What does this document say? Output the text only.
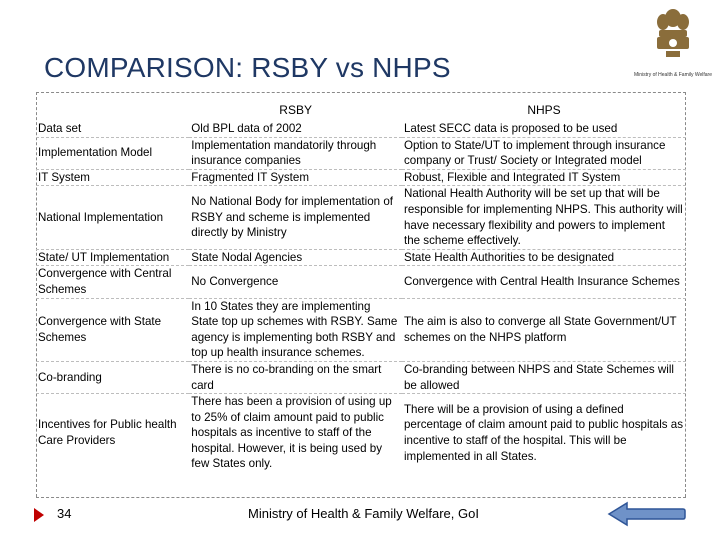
COMPARISON: RSBY vs NHPS	Ministry of Health & Family Welfare
	RSBY	NHPS
Data set	Old BPL data of 2002	Latest SECC data is proposed to be used
Implementation Model	Implementation mandatorily through insurance companies	Option to State/UT to implement through insurance company or Trust/ Society or Integrated model
IT System	Fragmented IT System	Robust, Flexible and Integrated IT System
National Implementation	No National Body for implementation of RSBY and scheme is implemented directly by Ministry	National Health Authority will be set up that will be responsible for implementing NHPS. This authority will have necessary flexibility and powers to implement the scheme effectively.
State/ UT Implementation	State Nodal Agencies	State Health Authorities to be designated
Convergence with Central Schemes	No Convergence	Convergence with Central Health Insurance Schemes
Convergence with State Schemes	In 10 States they are implementing State top up schemes with RSBY. Same agency is implementing both RSBY and top up health insurance schemes.	The aim is also to converge all State Government/UT schemes on the NHPS platform
Co-branding	There is no co-branding on the smart card	Co-branding between NHPS and State Schemes will be allowed
Incentives for Public health Care Providers	There has been a provision of using up to 25% of claim amount paid to public hospitals as incentive to staff of the hospital. However, it is being used by few States only.	There will be a provision of using a defined percentage of claim amount paid to public hospitals as incentive to staff of the hospital. This will be implemented in all States.
34	Ministry of Health & Family Welfare, GoI
